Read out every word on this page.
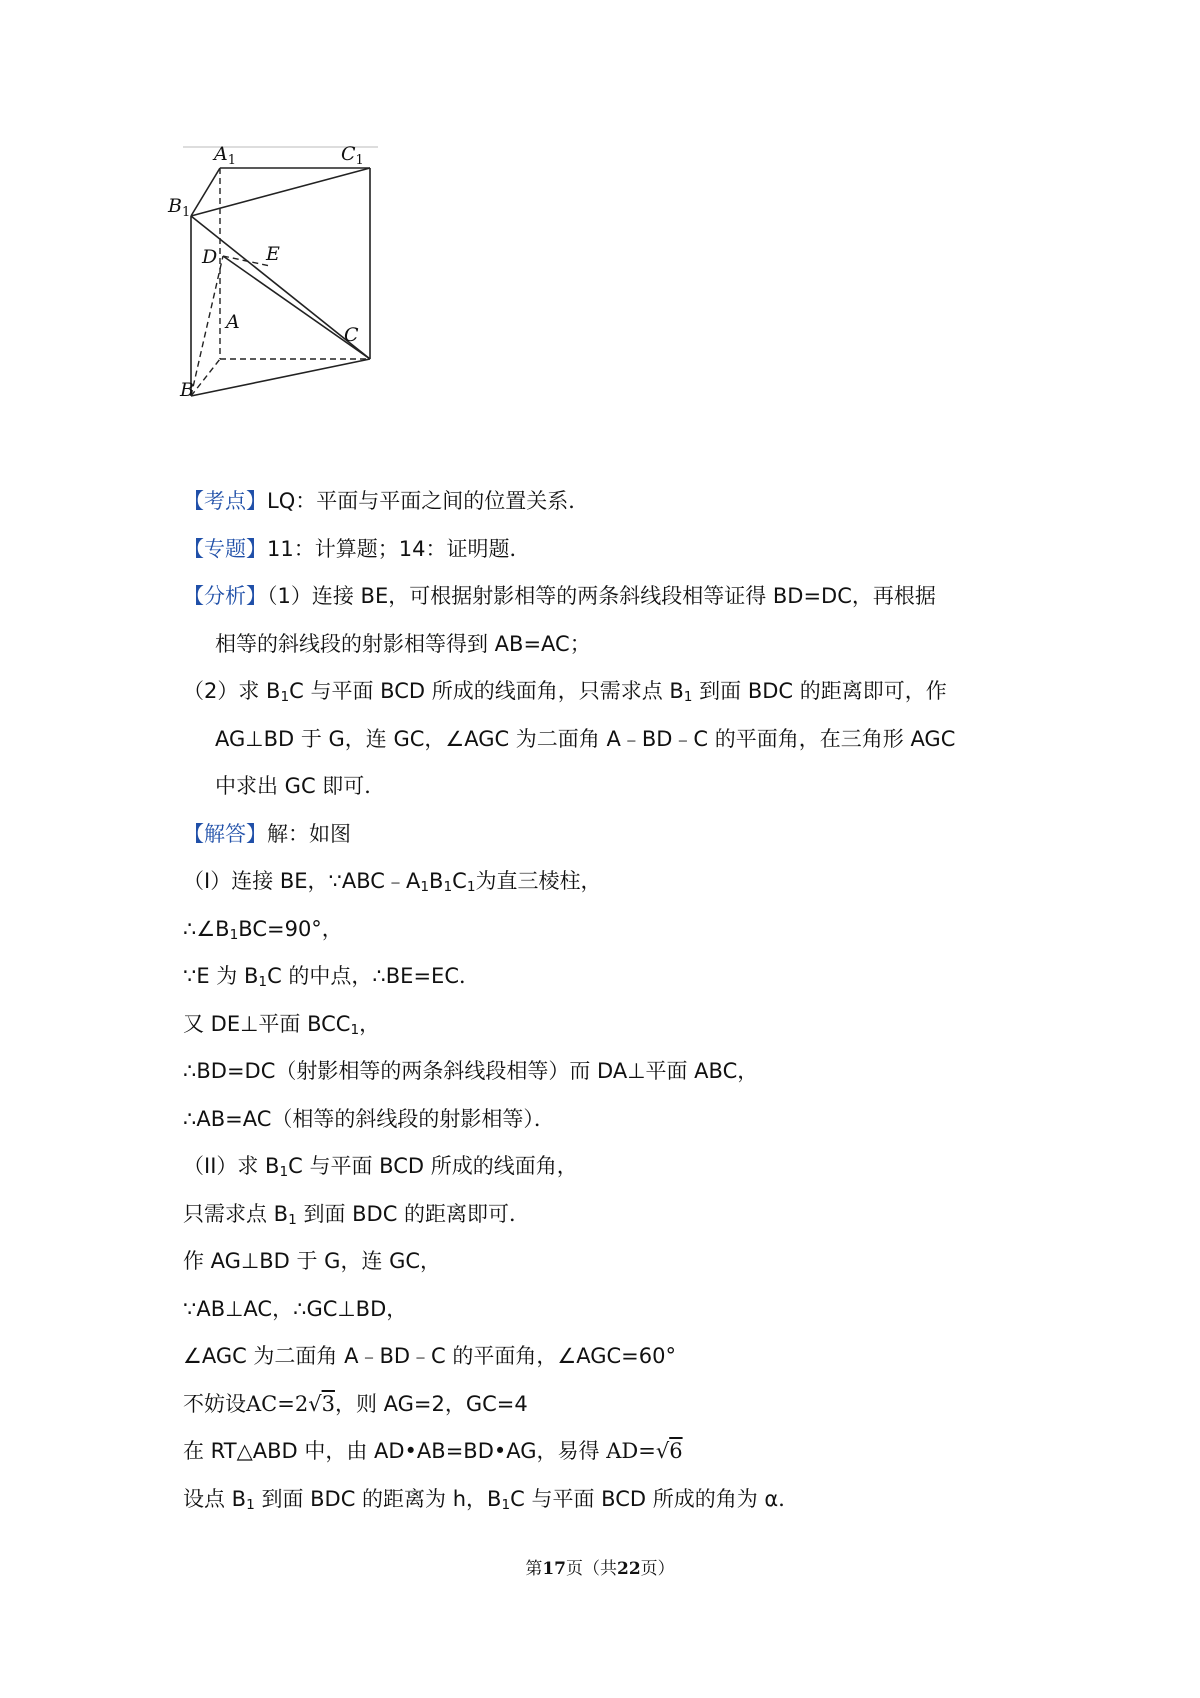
$A_1$	$C_1$
$B_1$
D	E
A
C
B
【考点】LQ：平面与平面之间的位置关系．
【专题】11：计算题；14：证明题．
【分析】（1）连接 BE，可根据射影相等的两条斜线段相等证得 BD=DC，再根据
相等的斜线段的射影相等得到 AB=AC；
（2）求 $B_1C$ 与平面 BCD 所成的线面角，只需求点 $B_1$ 到面 BDC 的距离即可，作
AG⊥BD 于 G，连 GC，∠AGC 为二面角 A﹣BD﹣C 的平面角，在三角形 AGC
中求出 GC 即可．
【解答】解：如图
（I）连接 BE，$\because ABC﹣A_1B_1C_1$为直三棱柱，
$\therefore\angle B_1BC=90^\circ$，
∵E 为 $B_1C$ 的中点，∴BE=EC．
又 DE⊥平面 $BCC_1$，
∴BD=DC（射影相等的两条斜线段相等）而 DA⊥平面 ABC，
∴AB=AC（相等的斜线段的射影相等）．
（II）求 $B_1C$ 与平面 BCD 所成的线面角，
只需求点 $B_1$ 到面 BDC 的距离即可．
作 AG⊥BD 于 G，连 GC，
∵AB⊥AC，∴GC⊥BD，
∠AGC 为二面角 A﹣BD﹣C 的平面角，∠AGC=60°
不妨设AC=2√3，则 AG=2，GC=4
在 RT△ABD 中，由 AD•AB=BD•AG，易得 AD=√6
设点 $B_1$ 到面 BDC 的距离为 h，$B_1C$ 与平面 BCD 所成的角为 α．
第17页（共22页）
